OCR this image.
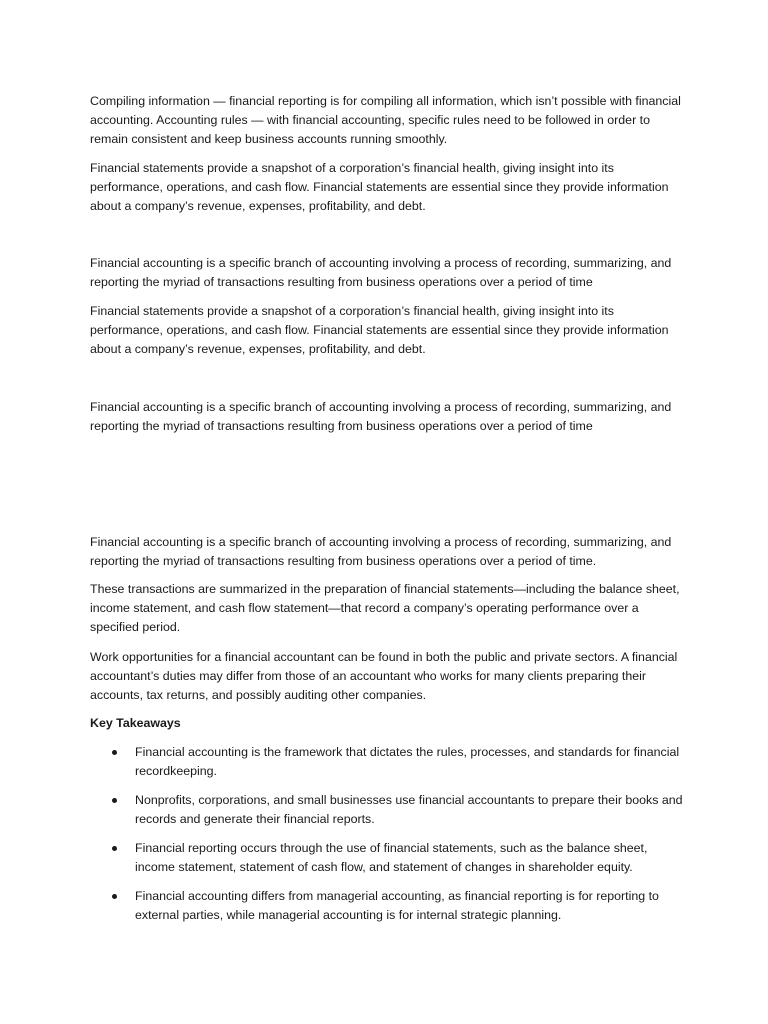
Compiling information — financial reporting is for compiling all information, which isn’t possible with financial accounting. Accounting rules — with financial accounting, specific rules need to be followed in order to remain consistent and keep business accounts running smoothly.

Financial statements provide a snapshot of a corporation’s financial health, giving insight into its performance, operations, and cash flow. Financial statements are essential since they provide information about a company’s revenue, expenses, profitability, and debt.

Financial accounting is a specific branch of accounting involving a process of recording, summarizing, and reporting the myriad of transactions resulting from business operations over a period of time

Financial statements provide a snapshot of a corporation’s financial health, giving insight into its performance, operations, and cash flow. Financial statements are essential since they provide information about a company’s revenue, expenses, profitability, and debt.

Financial accounting is a specific branch of accounting involving a process of recording, summarizing, and reporting the myriad of transactions resulting from business operations over a period of time

Financial accounting is a specific branch of accounting involving a process of recording, summarizing, and reporting the myriad of transactions resulting from business operations over a period of time.

These transactions are summarized in the preparation of financial statements—including the balance sheet, income statement, and cash flow statement—that record a company’s operating performance over a specified period.

Work opportunities for a financial accountant can be found in both the public and private sectors. A financial accountant’s duties may differ from those of an accountant who works for many clients preparing their accounts, tax returns, and possibly auditing other companies.

Key Takeaways

Financial accounting is the framework that dictates the rules, processes, and standards for financial recordkeeping.
Nonprofits, corporations, and small businesses use financial accountants to prepare their books and records and generate their financial reports.
Financial reporting occurs through the use of financial statements, such as the balance sheet, income statement, statement of cash flow, and statement of changes in shareholder equity.
Financial accounting differs from managerial accounting, as financial reporting is for reporting to external parties, while managerial accounting is for internal strategic planning.
